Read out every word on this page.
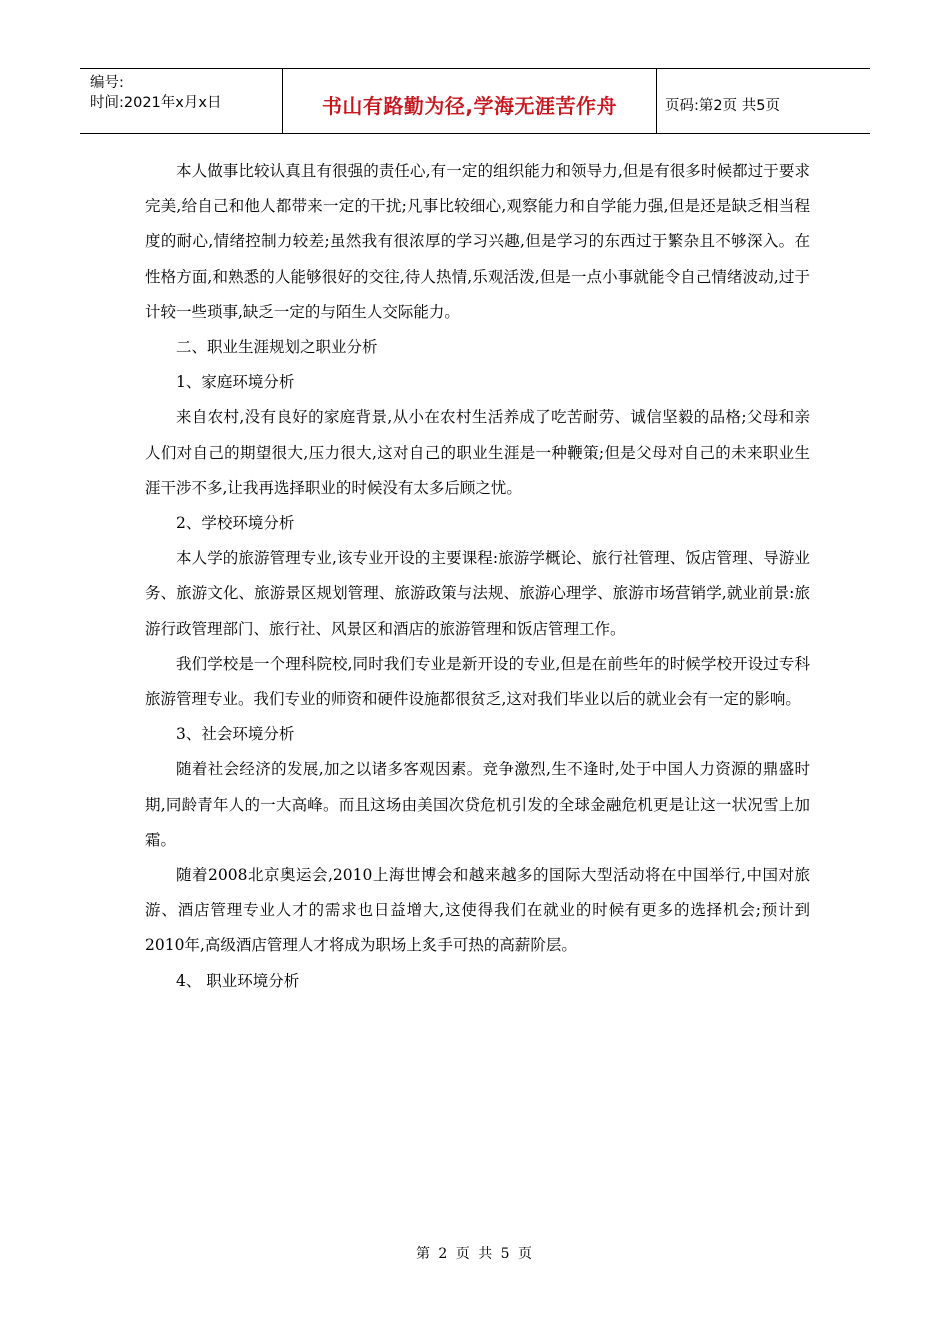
编号:
时间:2021年x月x日	书山有路勤为径,学海无涯苦作舟	页码:第2页 共5页

本人做事比较认真且有很强的责任心,有一定的组织能力和领导力,但是有很多时候都过于要求完美,给自己和他人都带来一定的干扰;凡事比较细心,观察能力和自学能力强,但是还是缺乏相当程度的耐心,情绪控制力较差;虽然我有很浓厚的学习兴趣,但是学习的东西过于繁杂且不够深入。在性格方面,和熟悉的人能够很好的交往,待人热情,乐观活泼,但是一点小事就能令自己情绪波动,过于计较一些琐事,缺乏一定的与陌生人交际能力。

二、职业生涯规划之职业分析

1、家庭环境分析

来自农村,没有良好的家庭背景,从小在农村生活养成了吃苦耐劳、诚信坚毅的品格;父母和亲人们对自己的期望很大,压力很大,这对自己的职业生涯是一种鞭策;但是父母对自己的未来职业生涯干涉不多,让我再选择职业的时候没有太多后顾之忧。

2、学校环境分析

本人学的旅游管理专业,该专业开设的主要课程:旅游学概论、旅行社管理、饭店管理、导游业务、旅游文化、旅游景区规划管理、旅游政策与法规、旅游心理学、旅游市场营销学,就业前景:旅游行政管理部门、旅行社、风景区和酒店的旅游管理和饭店管理工作。

我们学校是一个理科院校,同时我们专业是新开设的专业,但是在前些年的时候学校开设过专科旅游管理专业。我们专业的师资和硬件设施都很贫乏,这对我们毕业以后的就业会有一定的影响。

3、社会环境分析

随着社会经济的发展,加之以诸多客观因素。竞争激烈,生不逢时,处于中国人力资源的鼎盛时期,同龄青年人的一大高峰。而且这场由美国次贷危机引发的全球金融危机更是让这一状况雪上加霜。

随着2008北京奥运会,2010上海世博会和越来越多的国际大型活动将在中国举行,中国对旅游、酒店管理专业人才的需求也日益增大,这使得我们在就业的时候有更多的选择机会;预计到2010年,高级酒店管理人才将成为职场上炙手可热的高薪阶层。

4、 职业环境分析

第 2 页 共 5 页
